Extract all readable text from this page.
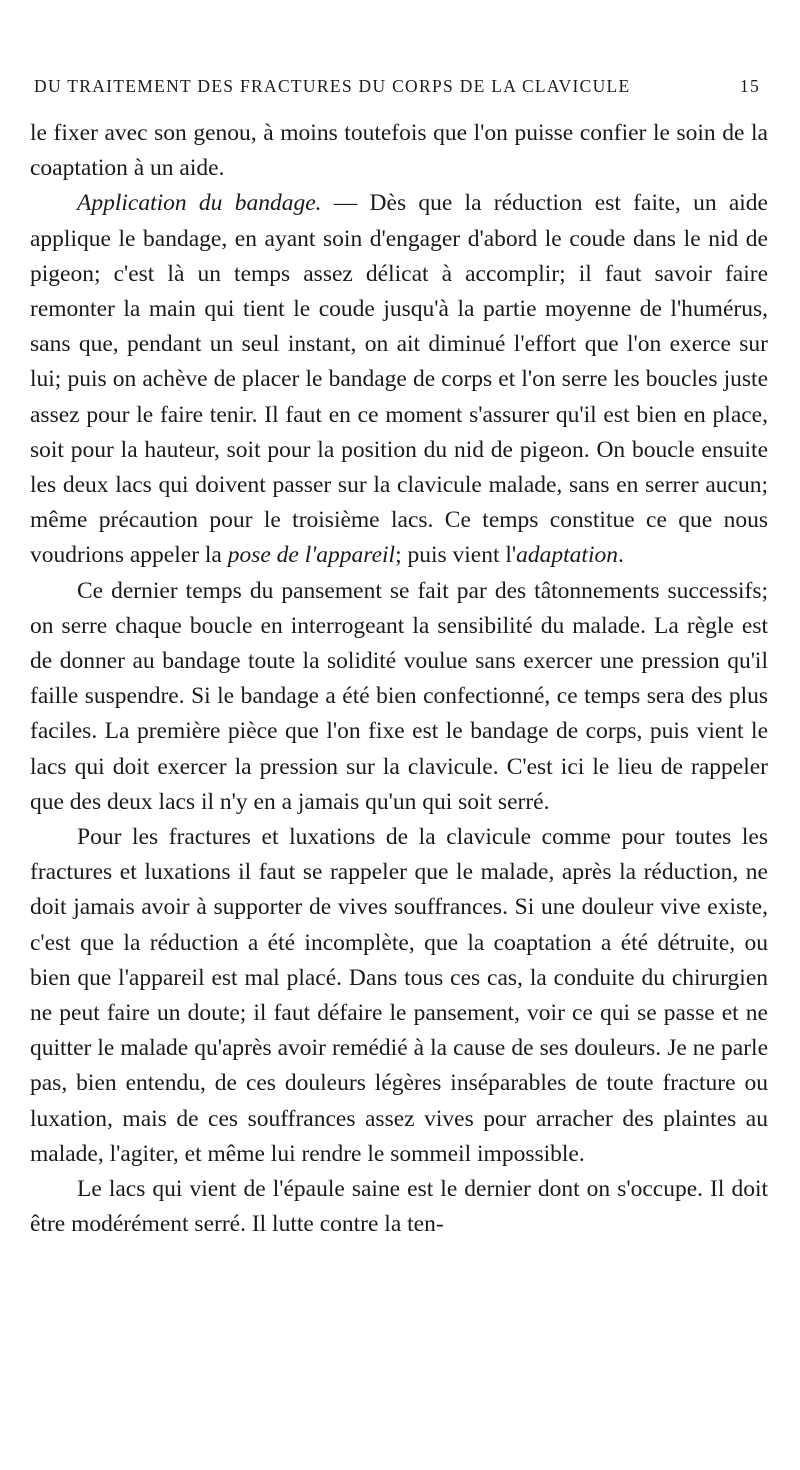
DU TRAITEMENT DES FRACTURES DU CORPS DE LA CLAVICULE	15

le fixer avec son genou, à moins toutefois que l'on puisse confier le soin de la coaptation à un aide.

Application du bandage. — Dès que la réduction est faite, un aide applique le bandage, en ayant soin d'engager d'abord le coude dans le nid de pigeon; c'est là un temps assez délicat à accomplir; il faut savoir faire remonter la main qui tient le coude jusqu'à la partie moyenne de l'humérus, sans que, pendant un seul instant, on ait diminué l'effort que l'on exerce sur lui; puis on achève de placer le bandage de corps et l'on serre les boucles juste assez pour le faire tenir. Il faut en ce moment s'assurer qu'il est bien en place, soit pour la hauteur, soit pour la position du nid de pigeon. On boucle ensuite les deux lacs qui doivent passer sur la clavicule malade, sans en serrer aucun; même précaution pour le troisième lacs. Ce temps constitue ce que nous voudrions appeler la pose de l'appareil; puis vient l'adaptation.

Ce dernier temps du pansement se fait par des tâtonnements successifs; on serre chaque boucle en interrogeant la sensibilité du malade. La règle est de donner au bandage toute la solidité voulue sans exercer une pression qu'il faille suspendre. Si le bandage a été bien confectionné, ce temps sera des plus faciles. La première pièce que l'on fixe est le bandage de corps, puis vient le lacs qui doit exercer la pression sur la clavicule. C'est ici le lieu de rappeler que des deux lacs il n'y en a jamais qu'un qui soit serré.

Pour les fractures et luxations de la clavicule comme pour toutes les fractures et luxations il faut se rappeler que le malade, après la réduction, ne doit jamais avoir à supporter de vives souffrances. Si une douleur vive existe, c'est que la réduction a été incomplète, que la coaptation a été détruite, ou bien que l'appareil est mal placé. Dans tous ces cas, la conduite du chirurgien ne peut faire un doute; il faut défaire le pansement, voir ce qui se passe et ne quitter le malade qu'après avoir remédié à la cause de ses douleurs. Je ne parle pas, bien entendu, de ces douleurs légères inséparables de toute fracture ou luxation, mais de ces souffrances assez vives pour arracher des plaintes au malade, l'agiter, et même lui rendre le sommeil impossible.

Le lacs qui vient de l'épaule saine est le dernier dont on s'occupe. Il doit être modérément serré. Il lutte contre la ten-
